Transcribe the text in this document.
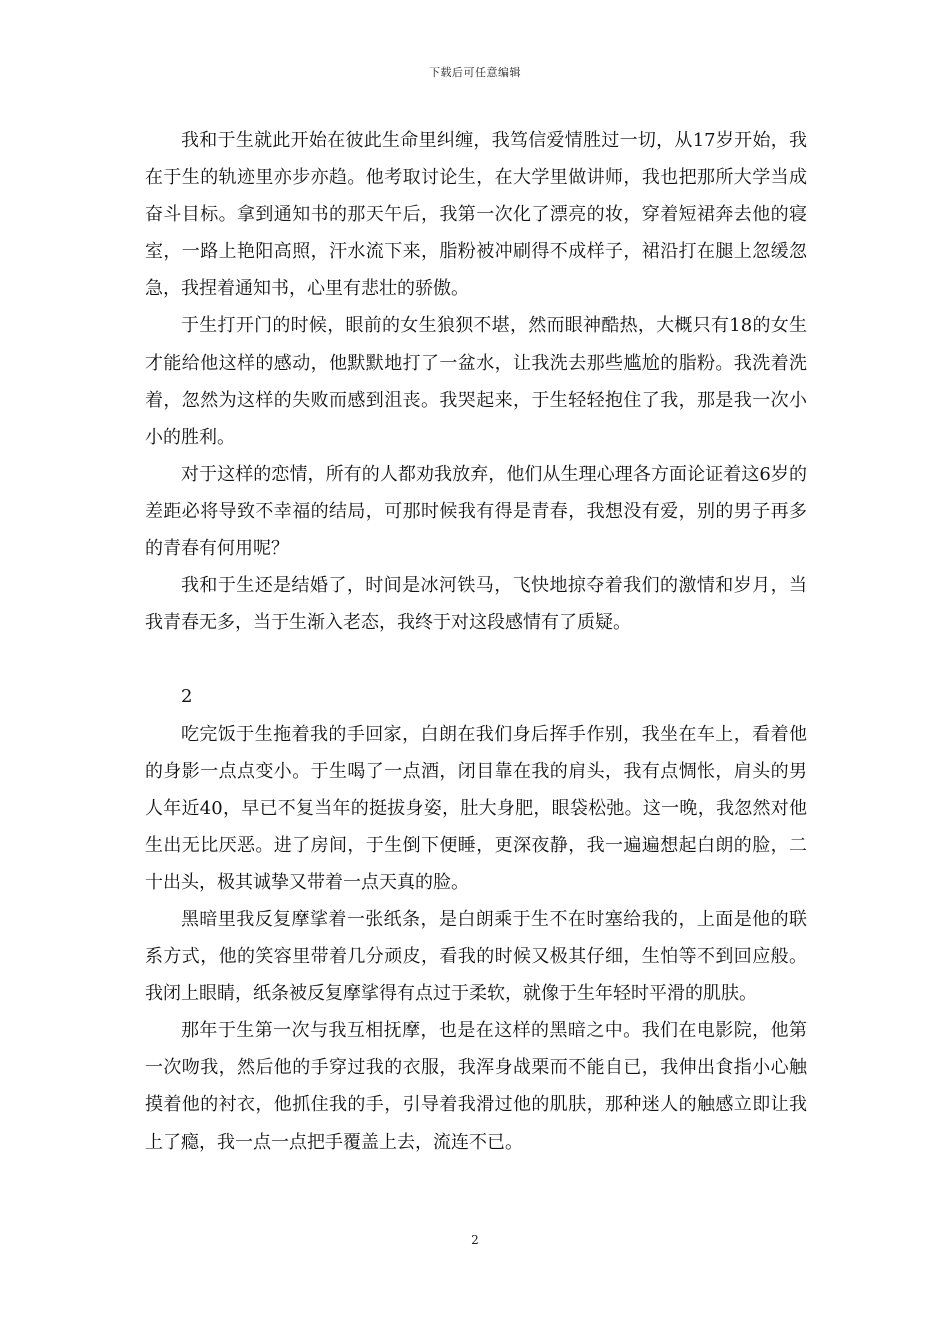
下载后可任意编辑

我和于生就此开始在彼此生命里纠缠，我笃信爱情胜过一切，从17岁开始，我在于生的轨迹里亦步亦趋。他考取讨论生，在大学里做讲师，我也把那所大学当成奋斗目标。拿到通知书的那天午后，我第一次化了漂亮的妆，穿着短裙奔去他的寝室，一路上艳阳高照，汗水流下来，脂粉被冲刷得不成样子，裙沿打在腿上忽缓忽急，我捏着通知书，心里有悲壮的骄傲。

于生打开门的时候，眼前的女生狼狈不堪，然而眼神酷热，大概只有18的女生才能给他这样的感动，他默默地打了一盆水，让我洗去那些尴尬的脂粉。我洗着洗着，忽然为这样的失败而感到沮丧。我哭起来，于生轻轻抱住了我，那是我一次小小的胜利。

对于这样的恋情，所有的人都劝我放弃，他们从生理心理各方面论证着这6岁的差距必将导致不幸福的结局，可那时候我有得是青春，我想没有爱，别的男子再多的青春有何用呢？

我和于生还是结婚了，时间是冰河铁马，飞快地掠夺着我们的激情和岁月，当我青春无多，当于生渐入老态，我终于对这段感情有了质疑。

2

吃完饭于生拖着我的手回家，白朗在我们身后挥手作别，我坐在车上，看着他的身影一点点变小。于生喝了一点酒，闭目靠在我的肩头，我有点惆怅，肩头的男人年近40，早已不复当年的挺拔身姿，肚大身肥，眼袋松弛。这一晚，我忽然对他生出无比厌恶。进了房间，于生倒下便睡，更深夜静，我一遍遍想起白朗的脸，二十出头，极其诚挚又带着一点天真的脸。

黑暗里我反复摩挲着一张纸条，是白朗乘于生不在时塞给我的，上面是他的联系方式，他的笑容里带着几分顽皮，看我的时候又极其仔细，生怕等不到回应般。我闭上眼睛，纸条被反复摩挲得有点过于柔软，就像于生年轻时平滑的肌肤。

那年于生第一次与我互相抚摩，也是在这样的黑暗之中。我们在电影院，他第一次吻我，然后他的手穿过我的衣服，我浑身战栗而不能自已，我伸出食指小心触摸着他的衬衣，他抓住我的手，引导着我滑过他的肌肤，那种迷人的触感立即让我上了瘾，我一点一点把手覆盖上去，流连不已。

2
